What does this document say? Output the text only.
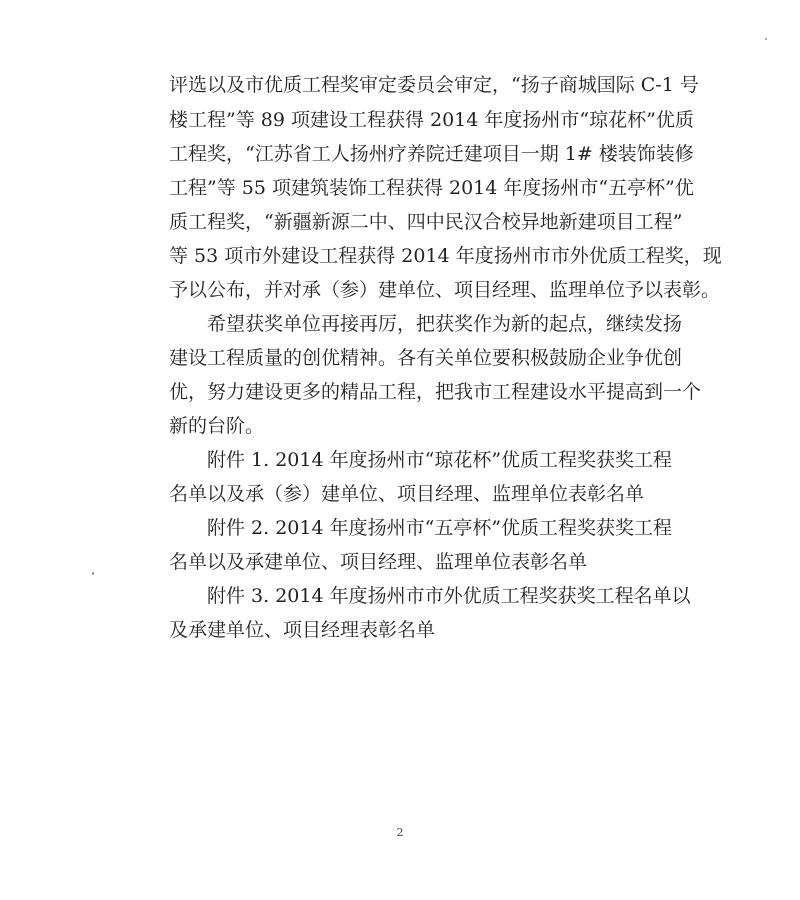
评选以及市优质工程奖审定委员会审定，“扬子商城国际 C-1 号
楼工程”等 89 项建设工程获得 2014 年度扬州市“琼花杯”优质
工程奖，“江苏省工人扬州疗养院迁建项目一期 1# 楼装饰装修
工程”等 55 项建筑装饰工程获得 2014 年度扬州市“五亭杯”优
质工程奖，“新疆新源二中、四中民汉合校异地新建项目工程”
等 53 项市外建设工程获得 2014 年度扬州市市外优质工程奖，现
予以公布，并对承（参）建单位、项目经理、监理单位予以表彰。
希望获奖单位再接再厉，把获奖作为新的起点，继续发扬
建设工程质量的创优精神。各有关单位要积极鼓励企业争优创
优，努力建设更多的精品工程，把我市工程建设水平提高到一个
新的台阶。
附件 1. 2014 年度扬州市“琼花杯”优质工程奖获奖工程
名单以及承（参）建单位、项目经理、监理单位表彰名单
附件 2. 2014 年度扬州市“五亭杯”优质工程奖获奖工程
名单以及承建单位、项目经理、监理单位表彰名单
附件 3. 2014 年度扬州市市外优质工程奖获奖工程名单以
及承建单位、项目经理表彰名单
2
